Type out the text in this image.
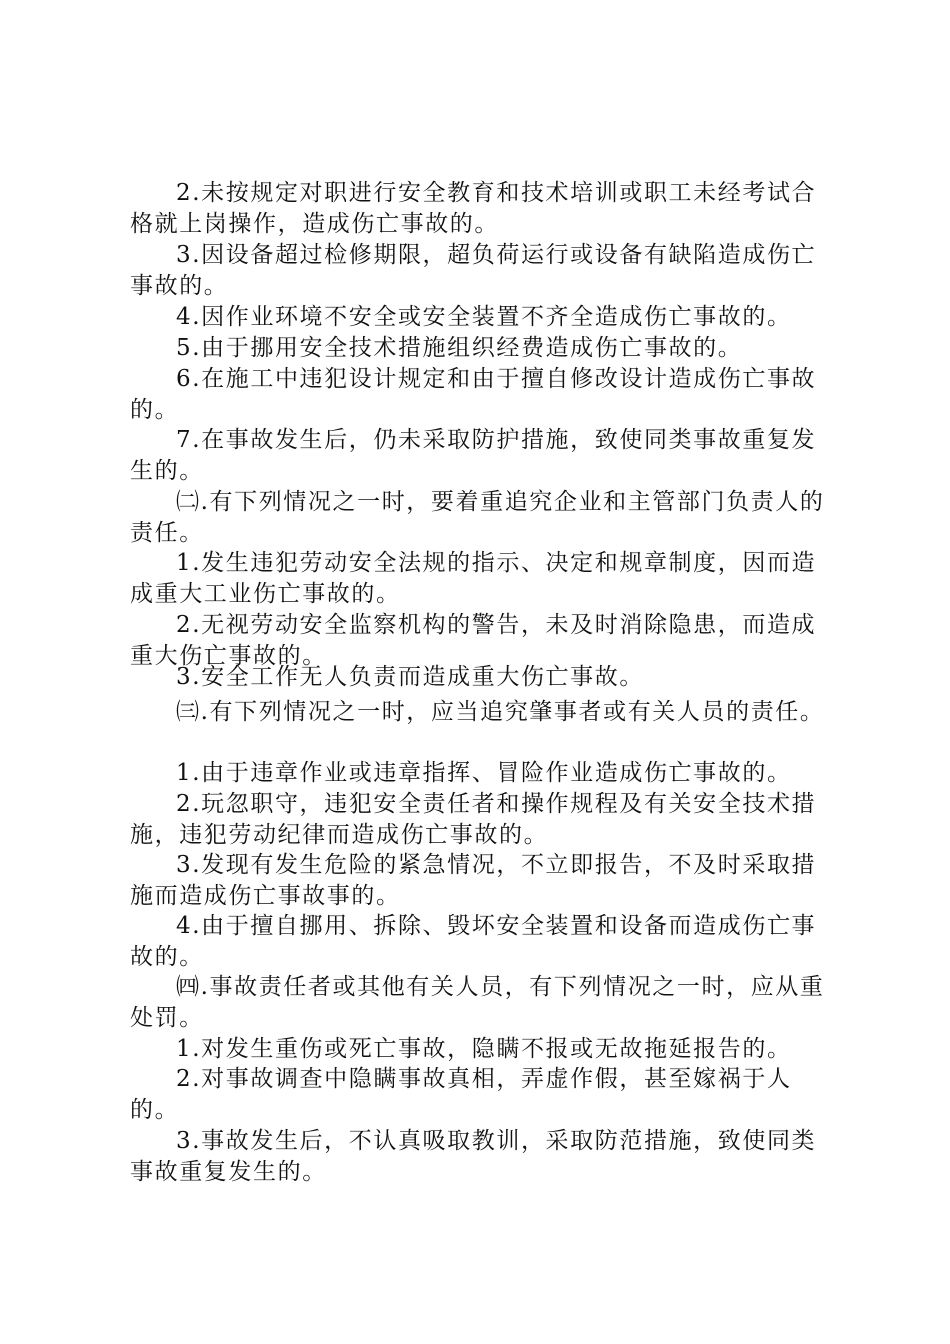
2.未按规定对职进行安全教育和技术培训或职工未经考试合格就上岗操作，造成伤亡事故的。

3.因设备超过检修期限，超负荷运行或设备有缺陷造成伤亡事故的。

4.因作业环境不安全或安全装置不齐全造成伤亡事故的。

5.由于挪用安全技术措施组织经费造成伤亡事故的。

6.在施工中违犯设计规定和由于擅自修改设计造成伤亡事故的。

7.在事故发生后，仍未采取防护措施，致使同类事故重复发生的。

㈡.有下列情况之一时，要着重追究企业和主管部门负责人的责任。

1.发生违犯劳动安全法规的指示、决定和规章制度，因而造成重大工业伤亡事故的。

2.无视劳动安全监察机构的警告，未及时消除隐患，而造成重大伤亡事故的。

3.安全工作无人负责而造成重大伤亡事故。

㈢.有下列情况之一时，应当追究肇事者或有关人员的责任。

1.由于违章作业或违章指挥、冒险作业造成伤亡事故的。

2.玩忽职守，违犯安全责任者和操作规程及有关安全技术措施，违犯劳动纪律而造成伤亡事故的。

3.发现有发生危险的紧急情况，不立即报告，不及时采取措施而造成伤亡事故事的。

4.由于擅自挪用、拆除、毁坏安全装置和设备而造成伤亡事故的。

㈣.事故责任者或其他有关人员，有下列情况之一时，应从重处罚。

1.对发生重伤或死亡事故，隐瞒不报或无故拖延报告的。

2.对事故调查中隐瞒事故真相，弄虚作假，甚至嫁祸于人的。

3.事故发生后，不认真吸取教训，采取防范措施，致使同类事故重复发生的。
